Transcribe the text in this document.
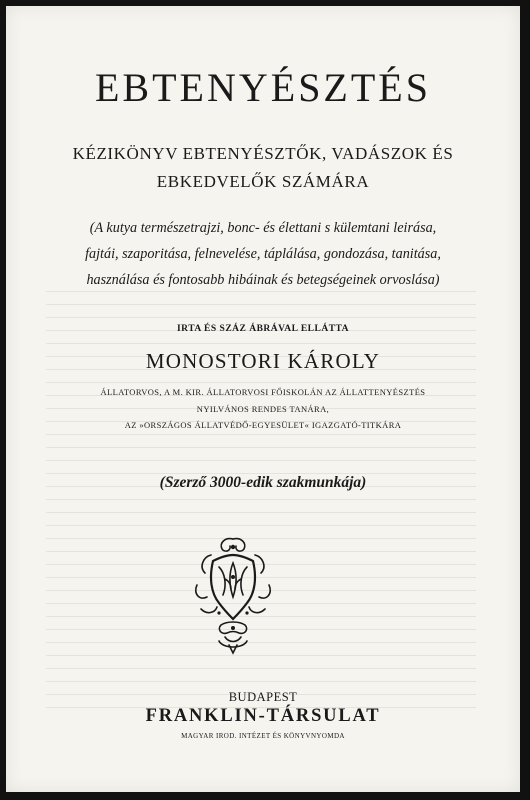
EBTENYÉSZTÉS
KÉZIKÖNYV EBTENYÉSZTŐK, VADÁSZOK ÉS
EBKEDVELŐK SZÁMÁRA
(A kutya természetrajzi, bonc- és élettani s külemtani leirása,
fajtái, szaporitása, felnevelése, táplálása, gondozása, tanitása,
használása és fontosabb hibáinak és betegségeinek orvoslása)
IRTA ÉS SZÁZ ÁBRÁVAL ELLÁTTA
MONOSTORI KÁROLY
ÁLLATORVOS, A M. KIR. ÁLLATORVOSI FŐISKOLÁN AZ ÁLLATTENYÉSZTÉS
NYILVÁNOS RENDES TANÁRA,
AZ »ORSZÁGOS ÁLLATVÉDŐ-EGYESÜLET« IGAZGATÓ-TITKÁRA
(Szerző 3000-edik szakmunkája)
BUDAPEST
FRANKLIN-TÁRSULAT
MAGYAR IROD. INTÉZET ÉS KÖNYVNYOMDA
